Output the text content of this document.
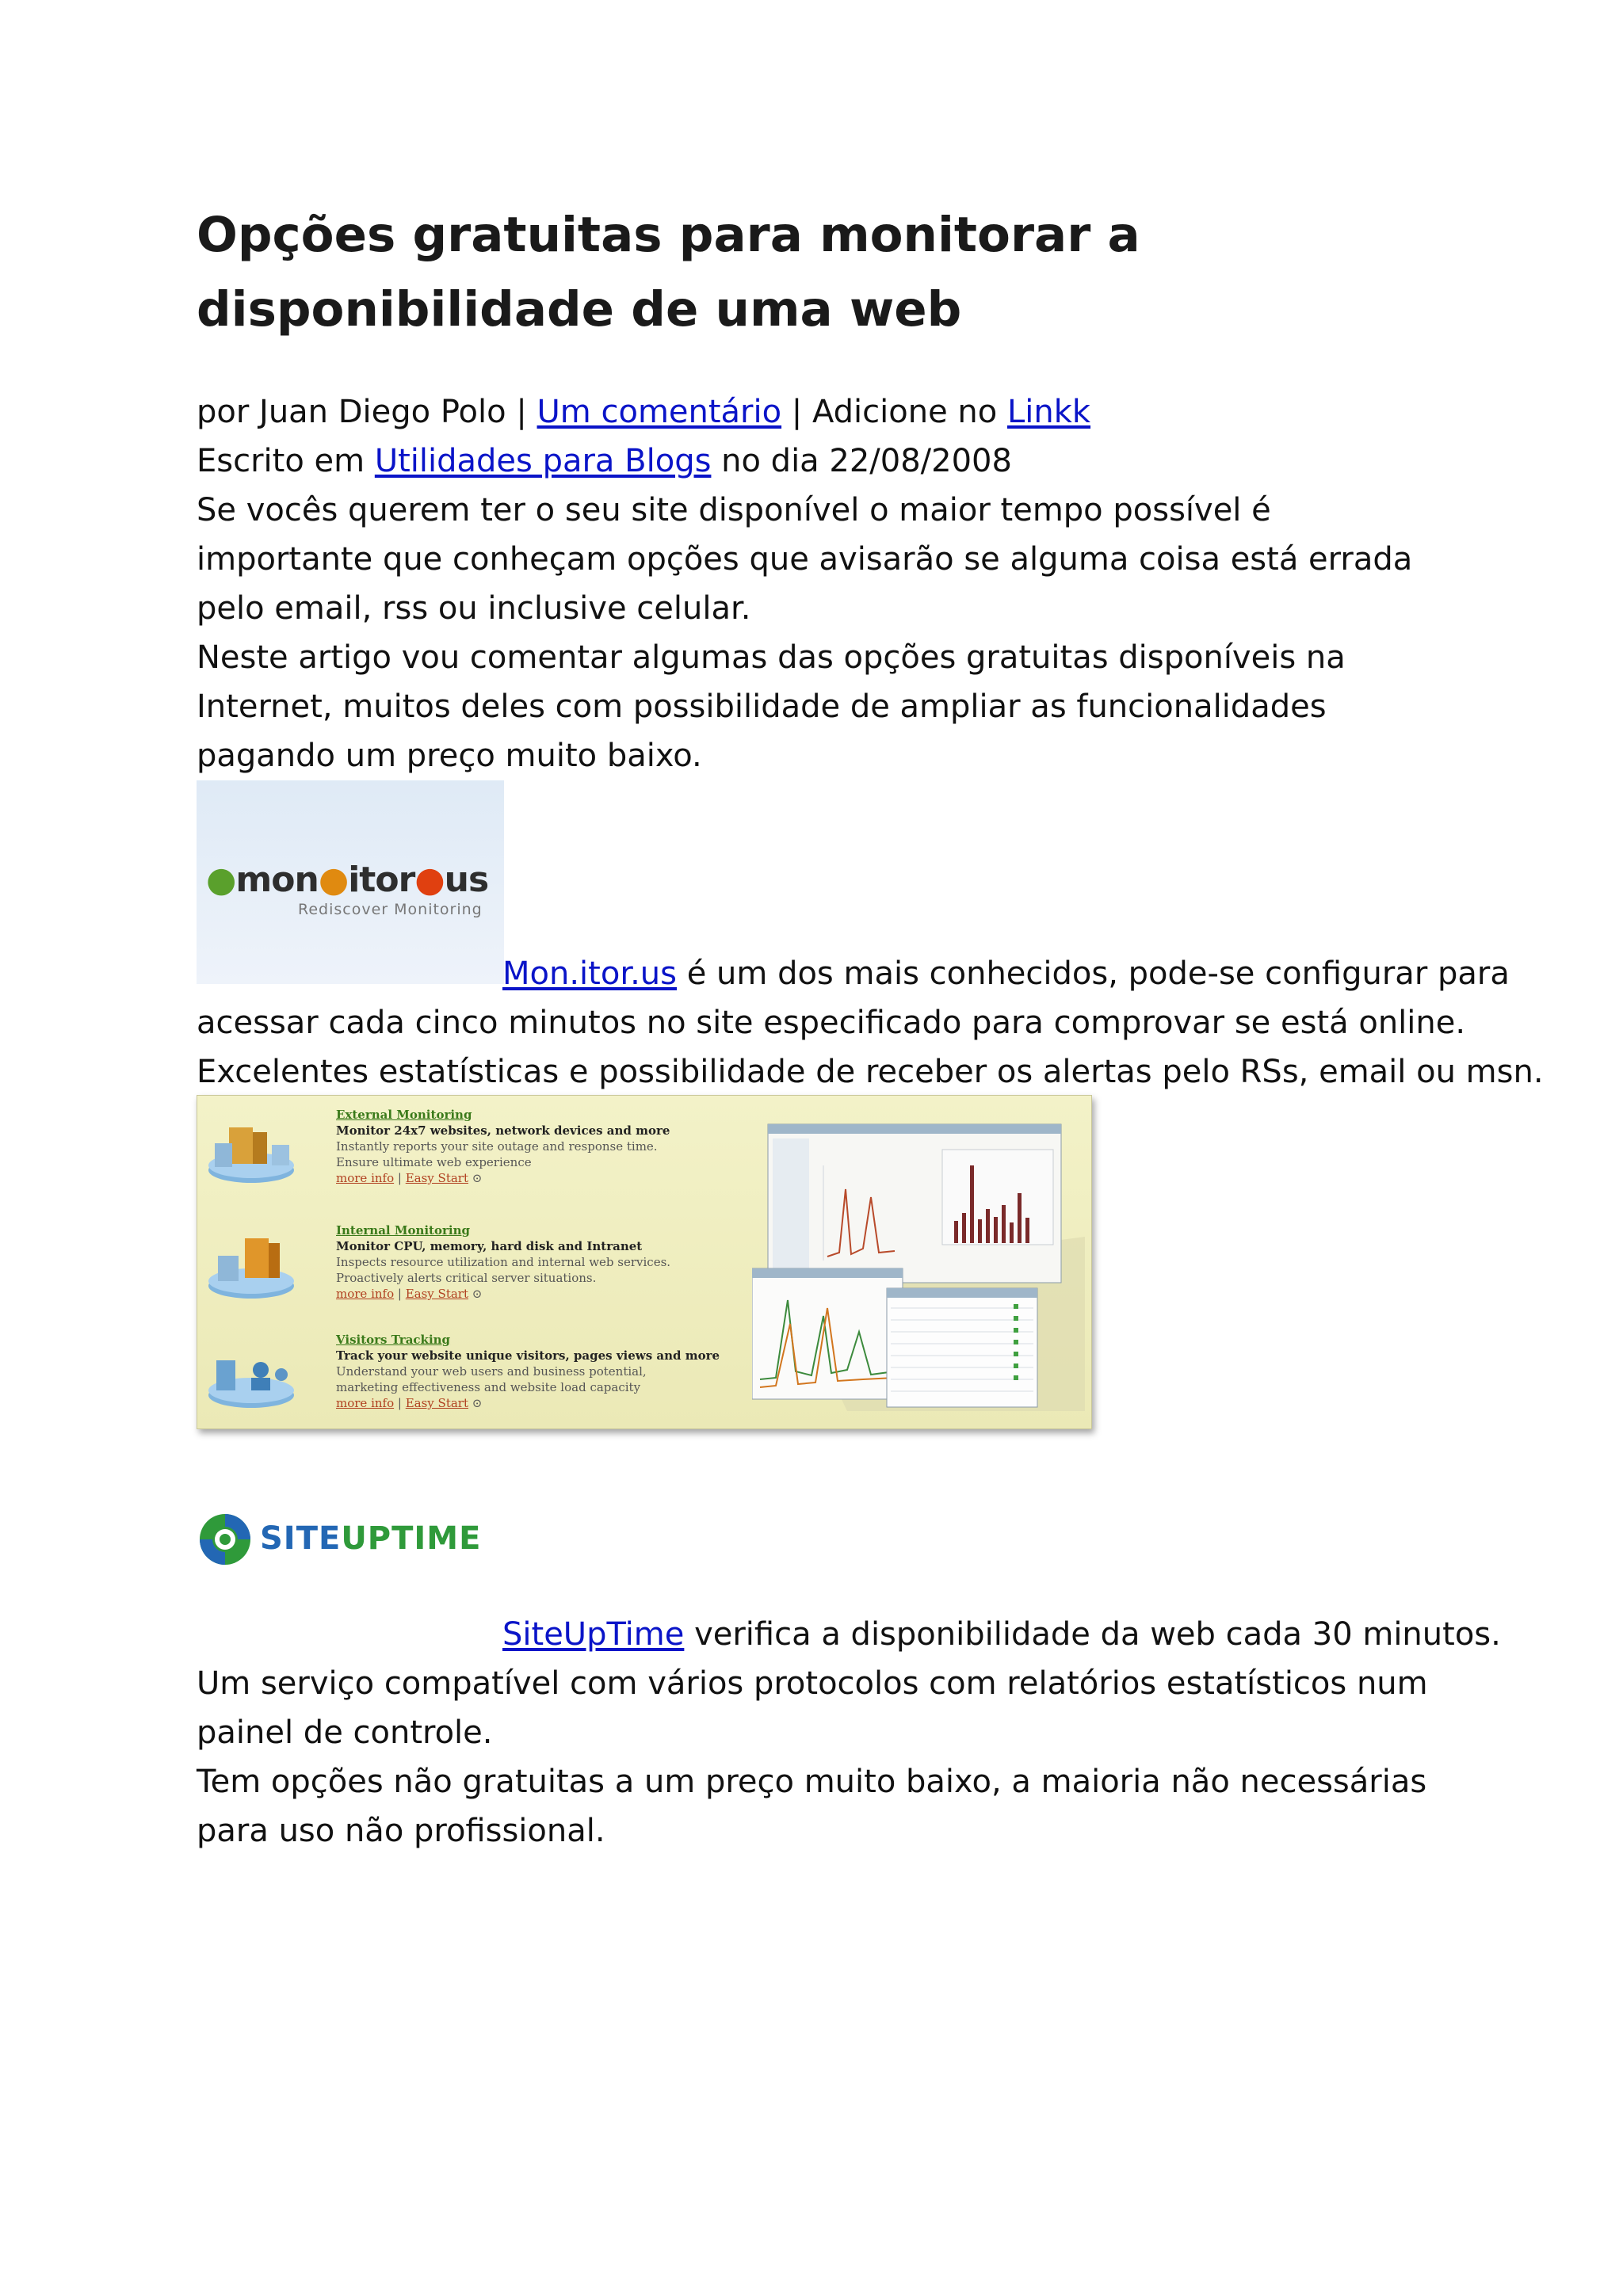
Opções gratuitas para monitorar a
disponibilidade de uma web
por Juan Diego Polo | Um comentário | Adicione no Linkk
Escrito em Utilidades para Blogs no dia 22/08/2008
Se vocês querem ter o seu site disponível o maior tempo possível é importante que conheçam opções que avisarão se alguma coisa está errada pelo email, rss ou inclusive celular.
Neste artigo vou comentar algumas das opções gratuitas disponíveis na Internet, muitos deles com possibilidade de ampliar as funcionalidades pagando um preço muito baixo.
●mon●itor●us
Rediscover Monitoring
Mon.itor.us é um dos mais conhecidos, pode-se configurar para
acessar cada cinco minutos no site especificado para comprovar se está online.
Excelentes estatísticas e possibilidade de receber os alertas pelo RSs, email ou msn.
External Monitoring
Monitor 24x7 websites, network devices and more
Instantly reports your site outage and response time.
Ensure ultimate web experience
more info | Easy Start ⊙
Internal Monitoring
Monitor CPU, memory, hard disk and Intranet
Inspects resource utilization and internal web services.
Proactively alerts critical server situations.
more info | Easy Start ⊙
Visitors Tracking
Track your website unique visitors, pages views and more
Understand your web users and business potential,
marketing effectiveness and website load capacity
more info | Easy Start ⊙
SITEUPTIME
SiteUpTime verifica a disponibilidade da web cada 30 minutos.
Um serviço compatível com vários protocolos com relatórios estatísticos num painel de controle.
Tem opções não gratuitas a um preço muito baixo, a maioria não necessárias para uso não profissional.
